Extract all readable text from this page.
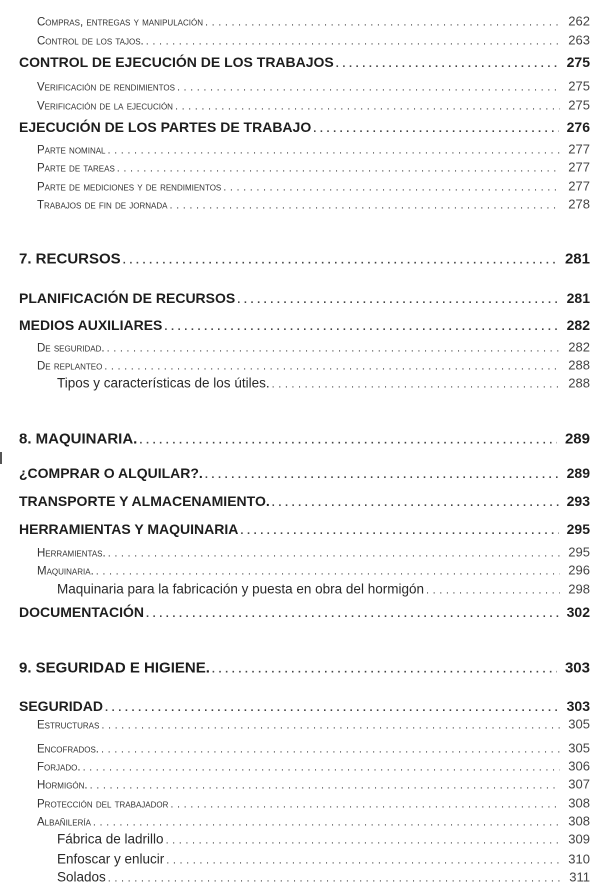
Compras, entregas y manipulación . . .	262
Control de los tajos. . . .	263
CONTROL DE EJECUCIÓN DE LOS TRABAJOS . . .	275
Verificación de rendimientos . . .	275
Verificación de la ejecución . . .	275
EJECUCIÓN DE LOS PARTES DE TRABAJO . . .	276
Parte nominal . . .	277
Parte de tareas . . .	277
Parte de mediciones y de rendimientos . . .	277
Trabajos de fin de jornada . . .	278
7. RECURSOS . . .	281
PLANIFICACIÓN DE RECURSOS . . .	281
MEDIOS AUXILIARES . . .	282
De seguridad. . . .	282
De replanteo . . .	288
Tipos y características de los útiles. . . .	288
8. MAQUINARIA. . . .	289
¿COMPRAR O ALQUILAR?. . . .	289
TRANSPORTE Y ALMACENAMIENTO. . . .	293
HERRAMIENTAS Y MAQUINARIA . . .	295
Herramientas. . . .	295
Maquinaria. . . .	296
Maquinaria para la fabricación y puesta en obra del hormigón . . .	298
DOCUMENTACIÓN . . .	302
9. SEGURIDAD E HIGIENE. . . .	303
SEGURIDAD . . .	303
Estructuras . . .	305
Encofrados. . . .	305
Forjado. . . .	306
Hormigón. . . .	307
Protección del trabajador . . .	308
Albañilería . . .	308
Fábrica de ladrillo . . .	309
Enfoscar y enlucir . . .	310
Solados . . .	311
